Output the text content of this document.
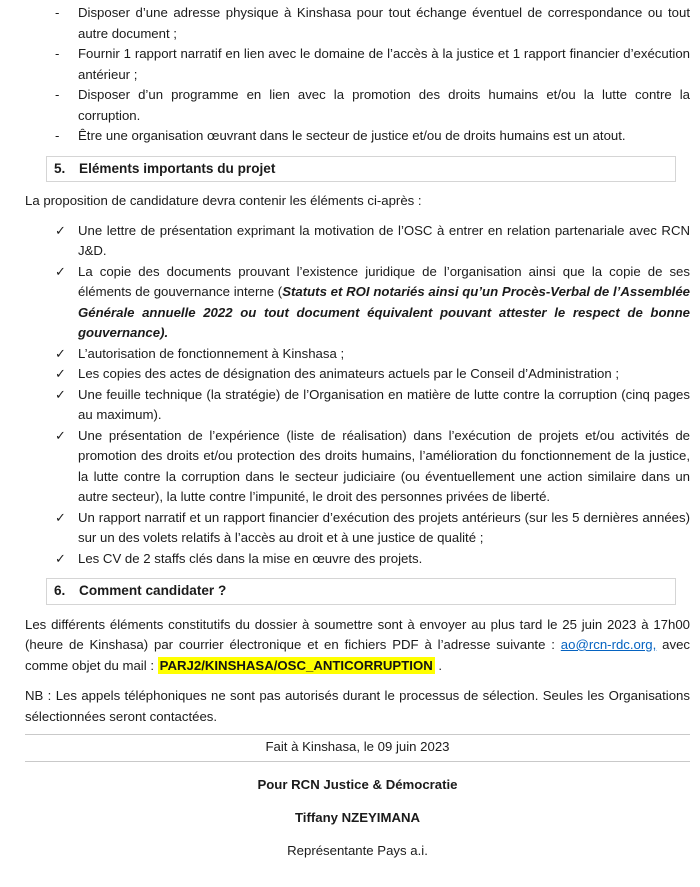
-	Disposer d’une adresse physique à Kinshasa pour tout échange éventuel de correspondance ou tout autre document ;
-	Fournir 1 rapport narratif en lien avec le domaine de l’accès à la justice et 1 rapport financier d’exécution antérieur ;
-	Disposer d’un programme en lien avec la promotion des droits humains et/ou la lutte contre la corruption.
-	Être une organisation œuvrant dans le secteur de justice et/ou de droits humains est un atout.
5. Eléments importants du projet

La proposition de candidature devra contenir les éléments ci-après :

✓ Une lettre de présentation exprimant la motivation de l’OSC à entrer en relation partenariale avec RCN J&D.
✓ La copie des documents prouvant l’existence juridique de l’organisation ainsi que la copie de ses éléments de gouvernance interne (Statuts et ROI notariés ainsi qu’un Procès-Verbal de l’Assemblée Générale annuelle 2022 ou tout document équivalent pouvant attester le respect de bonne gouvernance).
✓ L’autorisation de fonctionnement à Kinshasa ;
✓ Les copies des actes de désignation des animateurs actuels par le Conseil d’Administration ;
✓ Une feuille technique (la stratégie) de l’Organisation en matière de lutte contre la corruption (cinq pages au maximum).
✓ Une présentation de l’expérience (liste de réalisation) dans l’exécution de projets et/ou activités de promotion des droits et/ou protection des droits humains, l’amélioration du fonctionnement de la justice, la lutte contre la corruption dans le secteur judiciaire (ou éventuellement une action similaire dans un autre secteur), la lutte contre l’impunité, le droit des personnes privées de liberté.
✓ Un rapport narratif et un rapport financier d’exécution des projets antérieurs (sur les 5 dernières années) sur un des volets relatifs à l’accès au droit et à une justice de qualité ;
✓ Les CV de 2 staffs clés dans la mise en œuvre des projets.
6. Comment candidater ?

Les différents éléments constitutifs du dossier à soumettre sont à envoyer au plus tard le 25 juin 2023 à 17h00 (heure de Kinshasa) par courrier électronique et en fichiers PDF à l’adresse suivante : ao@rcn-rdc.org, avec comme objet du mail : PARJ2/KINSHASA/OSC_ANTICORRUPTION .

NB : Les appels téléphoniques ne sont pas autorisés durant le processus de sélection. Seules les Organisations sélectionnées seront contactées.

Fait à Kinshasa, le 09 juin 2023
Pour RCN Justice & Démocratie
Tiffany NZEYIMANA
Représentante Pays a.i.
